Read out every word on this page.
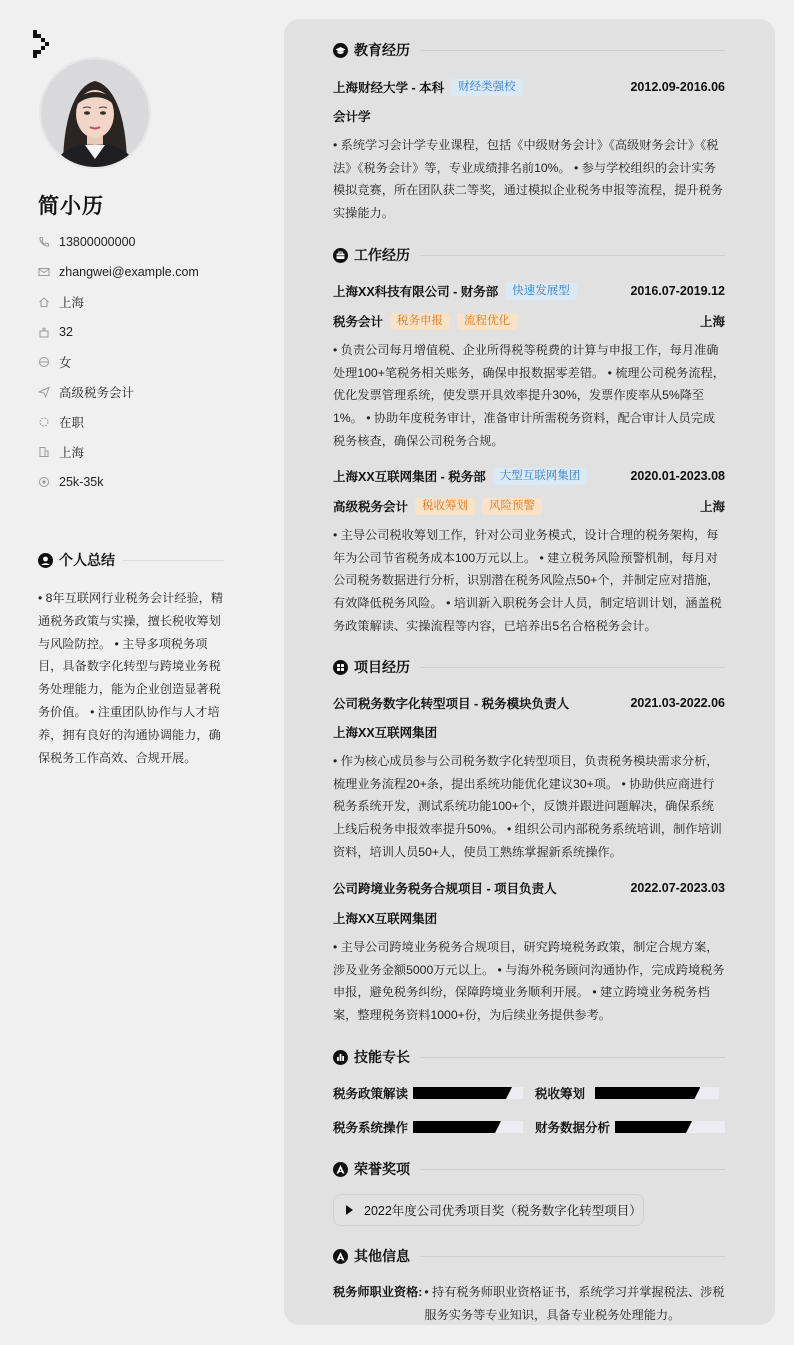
简小历
13800000000
zhangwei@example.com
上海
32
女
高级税务会计
在职
上海
25k-35k
个人总结
• 8年互联网行业税务会计经验，精通税务政策与实操，擅长税收筹划与风险防控。 • 主导多项税务项目，具备数字化转型与跨境业务税务处理能力，能为企业创造显著税务价值。 • 注重团队协作与人才培养，拥有良好的沟通协调能力，确保税务工作高效、合规开展。
教育经历
上海财经大学 - 本科	财经类强校	2012.09-2016.06
会计学
• 系统学习会计学专业课程，包括《中级财务会计》《高级财务会计》《税法》《税务会计》等，专业成绩排名前10%。 • 参与学校组织的会计实务模拟竞赛，所在团队获二等奖，通过模拟企业税务申报等流程，提升税务实操能力。
工作经历
上海XX科技有限公司 - 财务部	快速发展型	2016.07-2019.12
税务会计	税务申报	流程优化	上海
• 负责公司每月增值税、企业所得税等税费的计算与申报工作，每月准确处理100+笔税务相关账务，确保申报数据零差错。 • 梳理公司税务流程，优化发票管理系统，使发票开具效率提升30%，发票作废率从5%降至1%。 • 协助年度税务审计，准备审计所需税务资料，配合审计人员完成税务核查，确保公司税务合规。
上海XX互联网集团 - 税务部	大型互联网集团	2020.01-2023.08
高级税务会计	税收筹划	风险预警	上海
• 主导公司税收筹划工作，针对公司业务模式，设计合理的税务架构，每年为公司节省税务成本100万元以上。 • 建立税务风险预警机制，每月对公司税务数据进行分析，识别潜在税务风险点50+个，并制定应对措施，有效降低税务风险。 • 培训新入职税务会计人员，制定培训计划，涵盖税务政策解读、实操流程等内容，已培养出5名合格税务会计。
项目经历
公司税务数字化转型项目 - 税务模块负责人	2021.03-2022.06
上海XX互联网集团
• 作为核心成员参与公司税务数字化转型项目，负责税务模块需求分析，梳理业务流程20+条，提出系统功能优化建议30+项。 • 协助供应商进行税务系统开发，测试系统功能100+个，反馈并跟进问题解决，确保系统上线后税务申报效率提升50%。 • 组织公司内部税务系统培训，制作培训资料，培训人员50+人，使员工熟练掌握新系统操作。
公司跨境业务税务合规项目 - 项目负责人	2022.07-2023.03
上海XX互联网集团
• 主导公司跨境业务税务合规项目，研究跨境税务政策，制定合规方案，涉及业务金额5000万元以上。 • 与海外税务顾问沟通协作，完成跨境税务申报，避免税务纠纷，保障跨境业务顺利开展。 • 建立跨境业务税务档案，整理税务资料1000+份，为后续业务提供参考。
技能专长
税务政策解读	税收筹划
税务系统操作	财务数据分析
荣誉奖项
2022年度公司优秀项目奖（税务数字化转型项目）
其他信息
税务师职业资格: • 持有税务师职业资格证书，系统学习并掌握税法、涉税服务实务等专业知识，具备专业税务处理能力。
